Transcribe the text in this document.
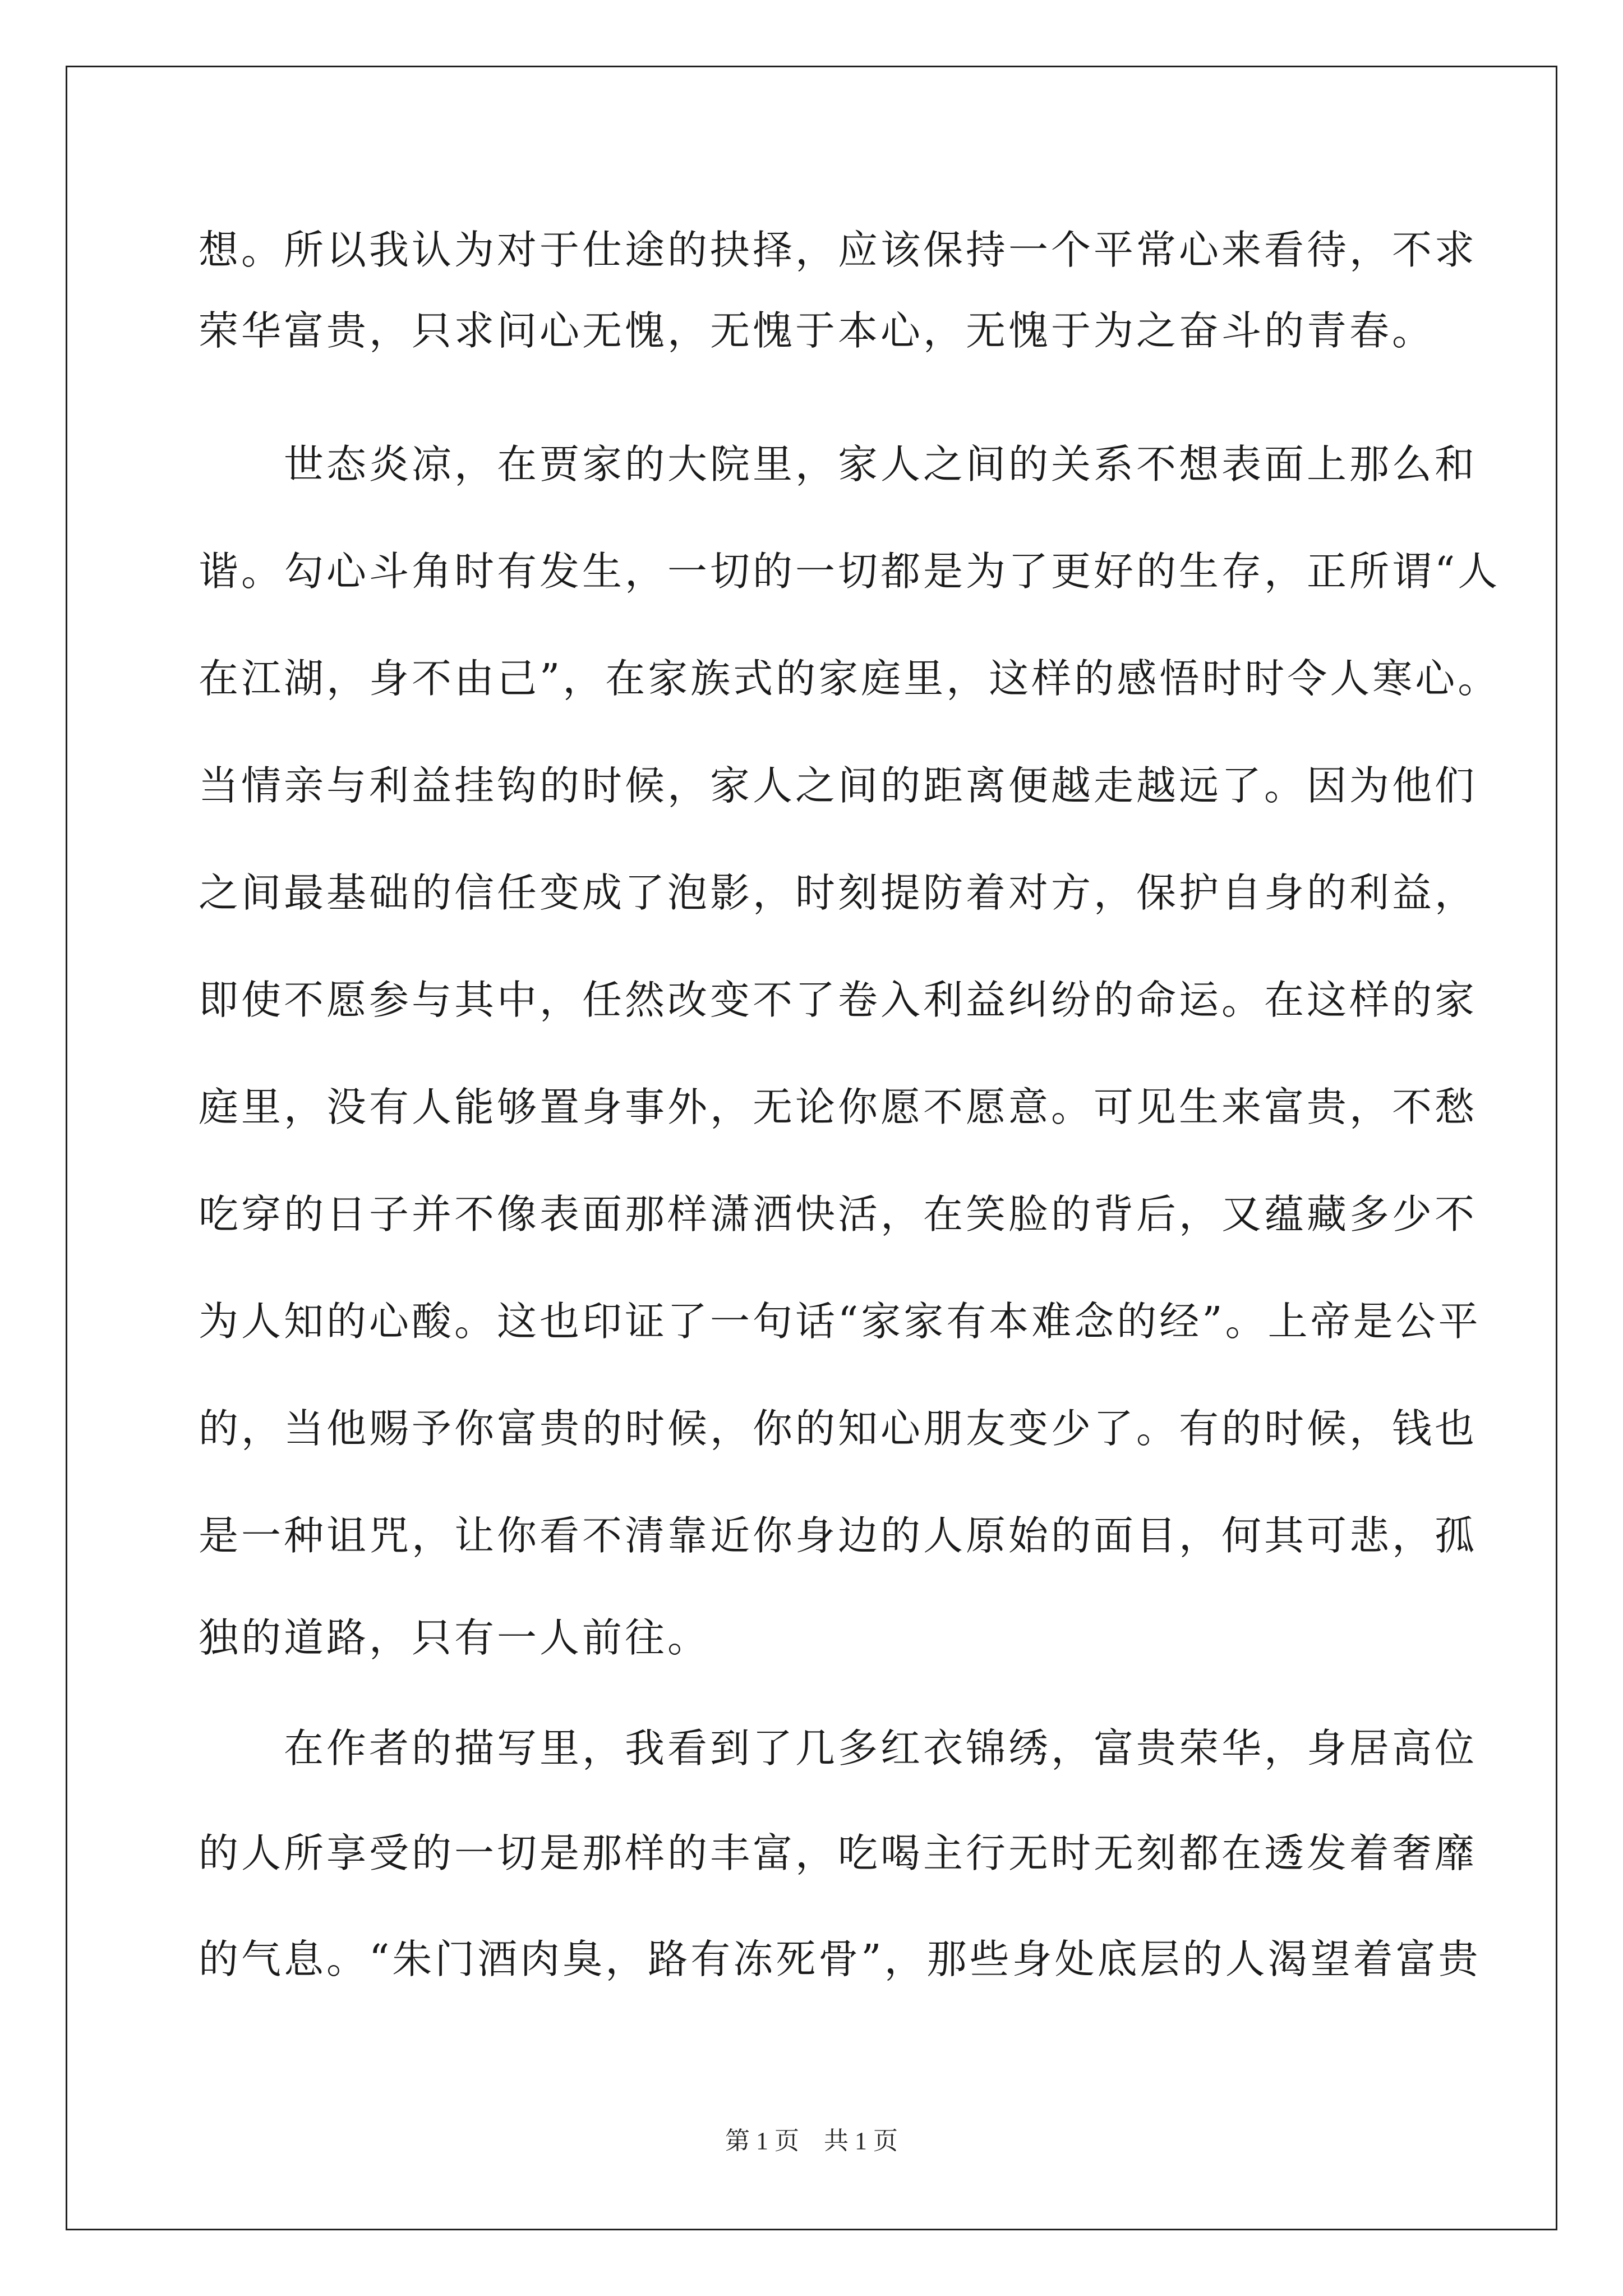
想。所以我认为对于仕途的抉择，应该保持一个平常心来看待，不求
荣华富贵，只求问心无愧，无愧于本心，无愧于为之奋斗的青春。
　　世态炎凉，在贾家的大院里，家人之间的关系不想表面上那么和
谐。勾心斗角时有发生，一切的一切都是为了更好的生存，正所谓“人
在江湖，身不由己”，在家族式的家庭里，这样的感悟时时令人寒心。
当情亲与利益挂钩的时候，家人之间的距离便越走越远了。因为他们
之间最基础的信任变成了泡影，时刻提防着对方，保护自身的利益，
即使不愿参与其中，任然改变不了卷入利益纠纷的命运。在这样的家
庭里，没有人能够置身事外，无论你愿不愿意。可见生来富贵，不愁
吃穿的日子并不像表面那样潇洒快活，在笑脸的背后，又蕴藏多少不
为人知的心酸。这也印证了一句话“家家有本难念的经”。上帝是公平
的，当他赐予你富贵的时候，你的知心朋友变少了。有的时候，钱也
是一种诅咒，让你看不清靠近你身边的人原始的面目，何其可悲，孤
独的道路，只有一人前往。
　　在作者的描写里，我看到了几多红衣锦绣，富贵荣华，身居高位
的人所享受的一切是那样的丰富，吃喝主行无时无刻都在透发着奢靡
的气息。“朱门酒肉臭，路有冻死骨”，那些身处底层的人渴望着富贵
第 1 页　共 1 页
